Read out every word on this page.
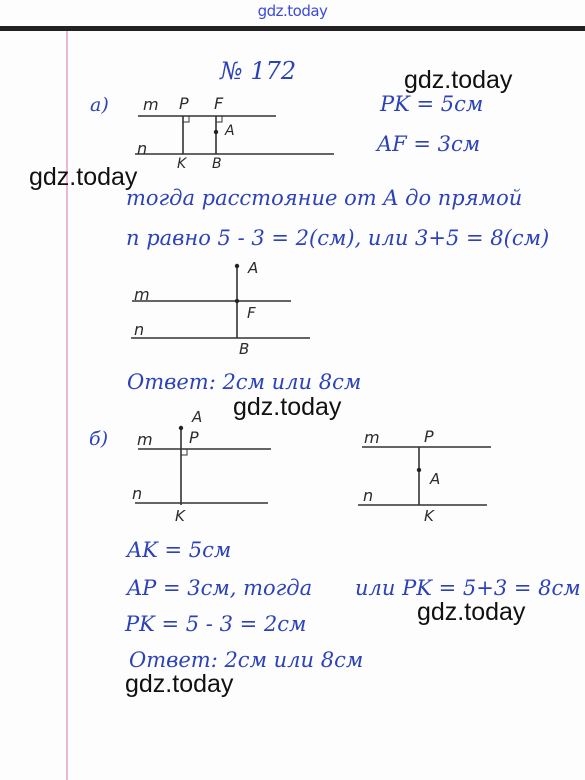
gdz.today
№ 172
а) m P F
A
n
K B
PK = 5см
AF = 3см
тогда расстояние от A до прямой
n равно 5 - 3 = 2(см), или 3+5 = 8(см)
m
n
A
F
B
Ответ: 2см или 8см
б) m
A
P
n
K
m	P
A
n
K
AK = 5см
AP = 3см, тогда или PK = 5+3 = 8см
PK = 5 - 3 = 2см
Ответ: 2см или 8см
gdz.today
gdz.today
gdz.today
gdz.today
gdz.today
